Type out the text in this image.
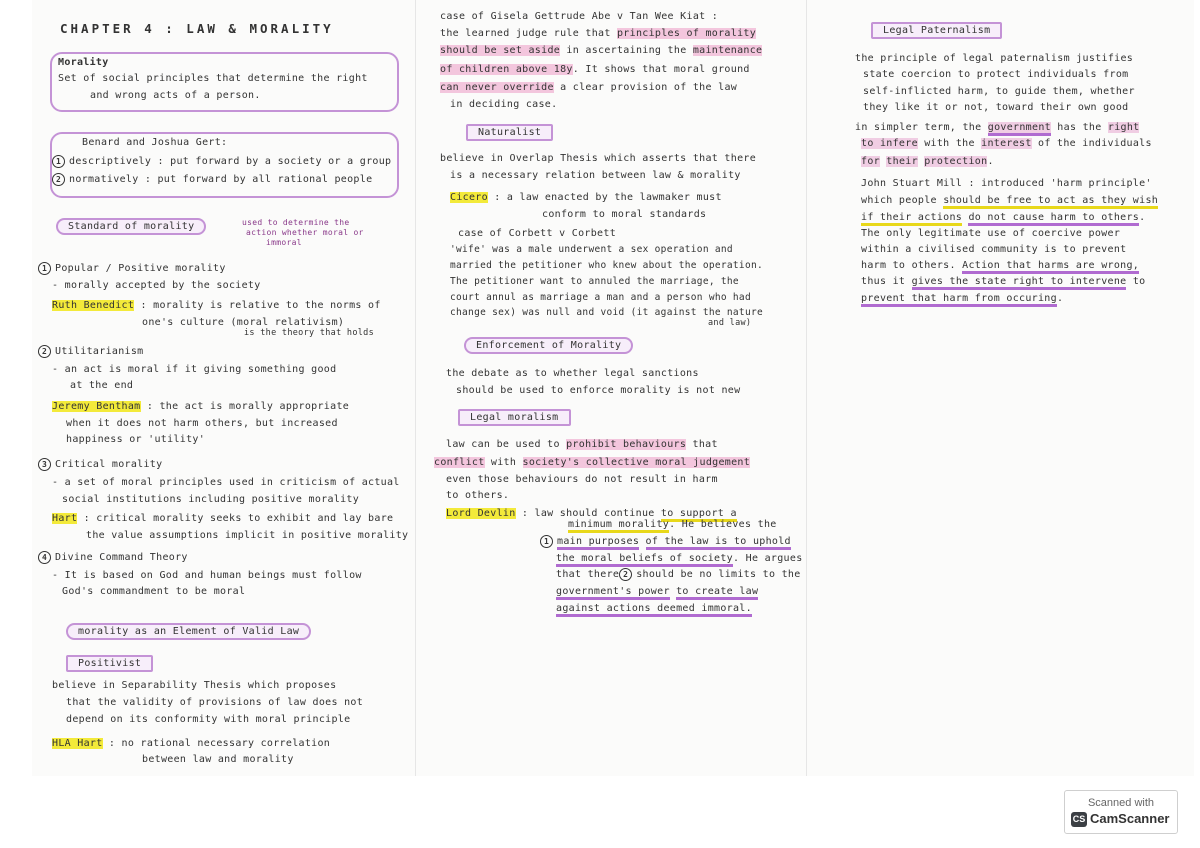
CHAPTER 4 : LAW & MORALITY
Morality
Set of social principles that determine the right
and wrong acts of a person.
Benard and Joshua Gert:
1 descriptively : put forward by a society or a group
2 normatively : put forward by all rational people
Standard of morality	used to determine the
action whether moral or
immoral
1 Popular / Positive morality
- morally accepted by the society
Ruth Benedict : morality is relative to the norms of
one's culture (moral relativism)
is the theory that holds
2 Utilitarianism
- an act is moral if it giving something good
at the end
Jeremy Bentham : the act is morally appropriate
when it does not harm others, but increased
happiness or 'utility'
3 Critical morality
- a set of moral principles used in criticism of actual
social institutions including positive morality
Hart : critical morality seeks to exhibit and lay bare
the value assumptions implicit in positive morality
4 Divine Command Theory
- It is based on God and human beings must follow
God's commandment to be moral
morality as an Element of Valid Law
Positivist
believe in Separability Thesis which proposes
that the validity of provisions of law does not
depend on its conformity with moral principle
HLA Hart : no rational necessary correlation
between law and morality
case of Gisela Gettrude Abe v Tan Wee Kiat :
the learned judge rule that principles of morality
should be set aside in ascertaining the maintenance
of children above 18y. It shows that moral ground
can never override a clear provision of the law
in deciding case.
Naturalist
believe in Overlap Thesis which asserts that there
is a necessary relation between law & morality
Cicero : a law enacted by the lawmaker must
conform to moral standards
case of Corbett v Corbett
'wife' was a male underwent a sex operation and
married the petitioner who knew about the operation.
The petitioner want to annuled the marriage, the
court annul as marriage a man and a person who had
change sex) was null and void (it against the nature
and law)
Enforcement of Morality
the debate as to whether legal sanctions
should be used to enforce morality is not new
Legal moralism
law can be used to prohibit behaviours that
conflict with society's collective moral judgement
even those behaviours do not result in harm
to others.
Lord Devlin : law should continue to support a
minimum morality. He believes the
1 main purposes of the law is to uphold
the moral beliefs of society. He argues
that there 2 should be no limits to the
government's power to create law
against actions deemed immoral.
Legal Paternalism
the principle of legal paternalism justifies
state coercion to protect individuals from
self-inflicted harm, to guide them, whether
they like it or not, toward their own good
in simpler term, the government has the right
to infere with the interest of the individuals
for their protection.
John Stuart Mill : introduced 'harm principle'
which people should be free to act as they wish
if their actions do not cause harm to others.
The only legitimate use of coercive power
within a civilised community is to prevent
harm to others. Action that harms are wrong,
thus it gives the state right to intervene to
prevent that harm from occuring.
Scanned with
CS CamScanner
